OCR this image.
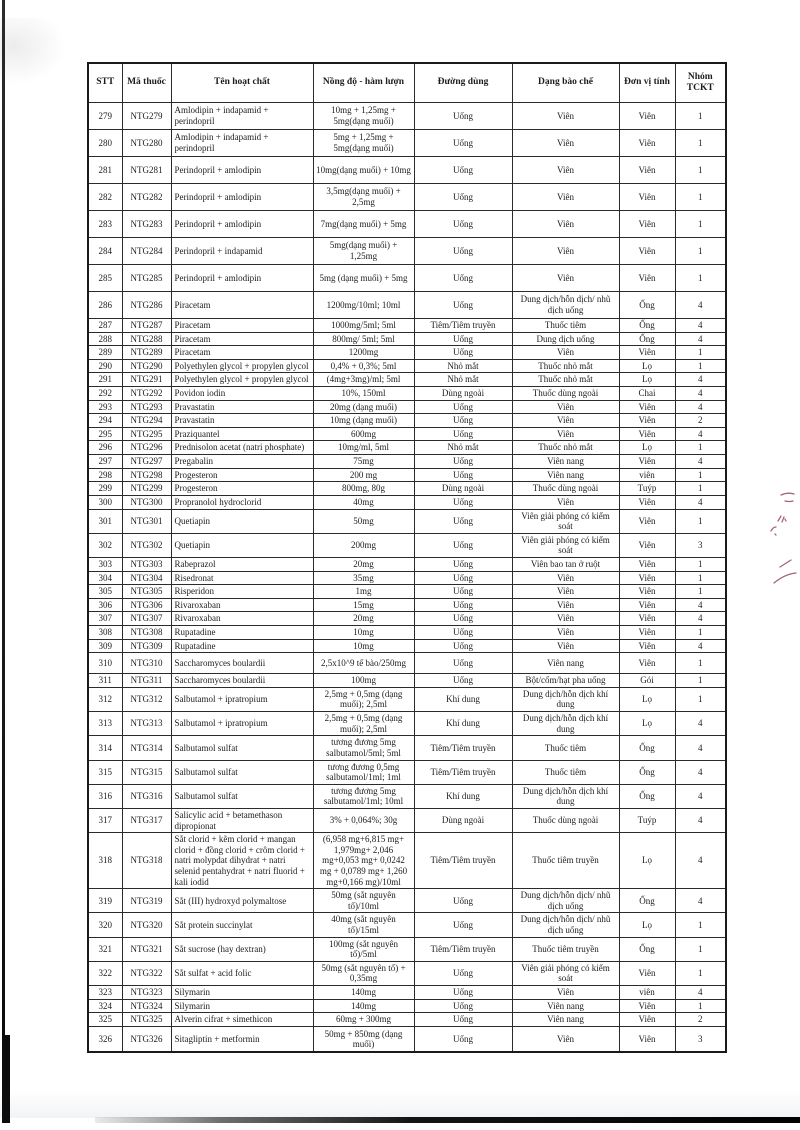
STT	Mã thuốc	Tên hoạt chất	Nồng độ - hàm lượn	Đường dùng	Dạng bào chế	Đơn vị tính	Nhóm TCKT
279	NTG279	Amlodipin + indapamid + perindopril	10mg + 1,25mg + 5mg(dạng muối)	Uống	Viên	Viên	1
280	NTG280	Amlodipin + indapamid + perindopril	5mg + 1,25mg + 5mg(dạng muối)	Uống	Viên	Viên	1
281	NTG281	Perindopril + amlodipin	10mg(dạng muối) + 10mg	Uống	Viên	Viên	1
282	NTG282	Perindopril + amlodipin	3,5mg(dạng muối) + 2,5mg	Uống	Viên	Viên	1
283	NTG283	Perindopril + amlodipin	7mg(dạng muối) + 5mg	Uống	Viên	Viên	1
284	NTG284	Perindopril + indapamid	5mg(dạng muối) + 1,25mg	Uống	Viên	Viên	1
285	NTG285	Perindopril + amlodipin	5mg (dạng muối) + 5mg	Uống	Viên	Viên	1
286	NTG286	Piracetam	1200mg/10ml; 10ml	Uống	Dung dịch/hỗn dịch/ nhũ dịch uống	Ống	4
287	NTG287	Piracetam	1000mg/5ml; 5ml	Tiêm/Tiêm truyền	Thuốc tiêm	Ống	4
288	NTG288	Piracetam	800mg/ 5ml; 5ml	Uống	Dung dịch uống	Ống	4
289	NTG289	Piracetam	1200mg	Uống	Viên	Viên	1
290	NTG290	Polyethylen glycol + propylen glycol	0,4% + 0,3%; 5ml	Nhỏ mắt	Thuốc nhỏ mắt	Lọ	1
291	NTG291	Polyethylen glycol + propylen glycol	(4mg+3mg)/ml; 5ml	Nhỏ mắt	Thuốc nhỏ mắt	Lọ	4
292	NTG292	Povidon iodin	10%, 150ml	Dùng ngoài	Thuốc dùng ngoài	Chai	4
293	NTG293	Pravastatin	20mg (dạng muối)	Uống	Viên	Viên	4
294	NTG294	Pravastatin	10mg (dạng muối)	Uống	Viên	Viên	2
295	NTG295	Praziquantel	600mg	Uống	Viên	Viên	4
296	NTG296	Prednisolon acetat (natri phosphate)	10mg/ml, 5ml	Nhỏ mắt	Thuốc nhỏ mắt	Lọ	1
297	NTG297	Pregabalin	75mg	Uống	Viên nang	Viên	4
298	NTG298	Progesteron	200 mg	Uống	Viên nang	viên	1
299	NTG299	Progesteron	800mg, 80g	Dùng ngoài	Thuốc dùng ngoài	Tuýp	1
300	NTG300	Propranolol hydroclorid	40mg	Uống	Viên	Viên	4
301	NTG301	Quetiapin	50mg	Uống	Viên giải phóng có kiểm soát	Viên	1
302	NTG302	Quetiapin	200mg	Uống	Viên giải phóng có kiểm soát	Viên	3
303	NTG303	Rabeprazol	20mg	Uống	Viên bao tan ở ruột	Viên	1
304	NTG304	Risedronat	35mg	Uống	Viên	Viên	1
305	NTG305	Risperidon	1mg	Uống	Viên	Viên	1
306	NTG306	Rivaroxaban	15mg	Uống	Viên	Viên	4
307	NTG307	Rivaroxaban	20mg	Uống	Viên	Viên	4
308	NTG308	Rupatadine	10mg	Uống	Viên	Viên	1
309	NTG309	Rupatadine	10mg	Uống	Viên	Viên	4
310	NTG310	Saccharomyces boulardii	2,5x10^9 tế bào/250mg	Uống	Viên nang	Viên	1
311	NTG311	Saccharomyces boulardii	100mg	Uống	Bột/cốm/hạt pha uống	Gói	1
312	NTG312	Salbutamol + ipratropium	2,5mg + 0,5mg (dạng muối); 2,5ml	Khí dung	Dung dịch/hỗn dịch khí dung	Lọ	1
313	NTG313	Salbutamol + ipratropium	2,5mg + 0,5mg (dạng muối); 2,5ml	Khí dung	Dung dịch/hỗn dịch khí dung	Lọ	4
314	NTG314	Salbutamol sulfat	tương đương 5mg salbutamol/5ml; 5ml	Tiêm/Tiêm truyền	Thuốc tiêm	Ống	4
315	NTG315	Salbutamol sulfat	tương đương 0,5mg salbutamol/1ml; 1ml	Tiêm/Tiêm truyền	Thuốc tiêm	Ống	4
316	NTG316	Salbutamol sulfat	tương đương 5mg salbutamol/1ml; 10ml	Khí dung	Dung dịch/hỗn dịch khí dung	Ống	4
317	NTG317	Salicylic acid + betamethason dipropionat	3% + 0,064%; 30g	Dùng ngoài	Thuốc dùng ngoài	Tuýp	4
318	NTG318	Sắt clorid + kẽm clorid + mangan clorid + đồng clorid + crôm clorid + natri molypdat dihydrat + natri selenid pentahydrat + natri fluorid + kali iodid	(6,958 mg+6,815 mg+ 1,979mg+ 2,046 mg+0,053 mg+ 0,0242 mg + 0,0789 mg+ 1,260 mg+0,166 mg)/10ml	Tiêm/Tiêm truyền	Thuốc tiêm truyền	Lọ	4
319	NTG319	Sắt (III) hydroxyd polymaltose	50mg (sắt nguyên tố)/10ml	Uống	Dung dịch/hỗn dịch/ nhũ dịch uống	Ống	4
320	NTG320	Sắt protein succinylat	40mg (sắt nguyên tố)/15ml	Uống	Dung dịch/hỗn dịch/ nhũ dịch uống	Lọ	1
321	NTG321	Sắt sucrose (hay dextran)	100mg (sắt nguyên tố)/5ml	Tiêm/Tiêm truyền	Thuốc tiêm truyền	Ống	1
322	NTG322	Sắt sulfat + acid folic	50mg (sắt nguyên tố) + 0,35mg	Uống	Viên giải phóng có kiểm soát	Viên	1
323	NTG323	Silymarin	140mg	Uống	Viên	viên	4
324	NTG324	Silymarin	140mg	Uống	Viên nang	Viên	1
325	NTG325	Alverin cifrat + simethicon	60mg + 300mg	Uống	Viên nang	Viên	2
326	NTG326	Sitagliptin + metformin	50mg + 850mg (dạng muối)	Uống	Viên	Viên	3
